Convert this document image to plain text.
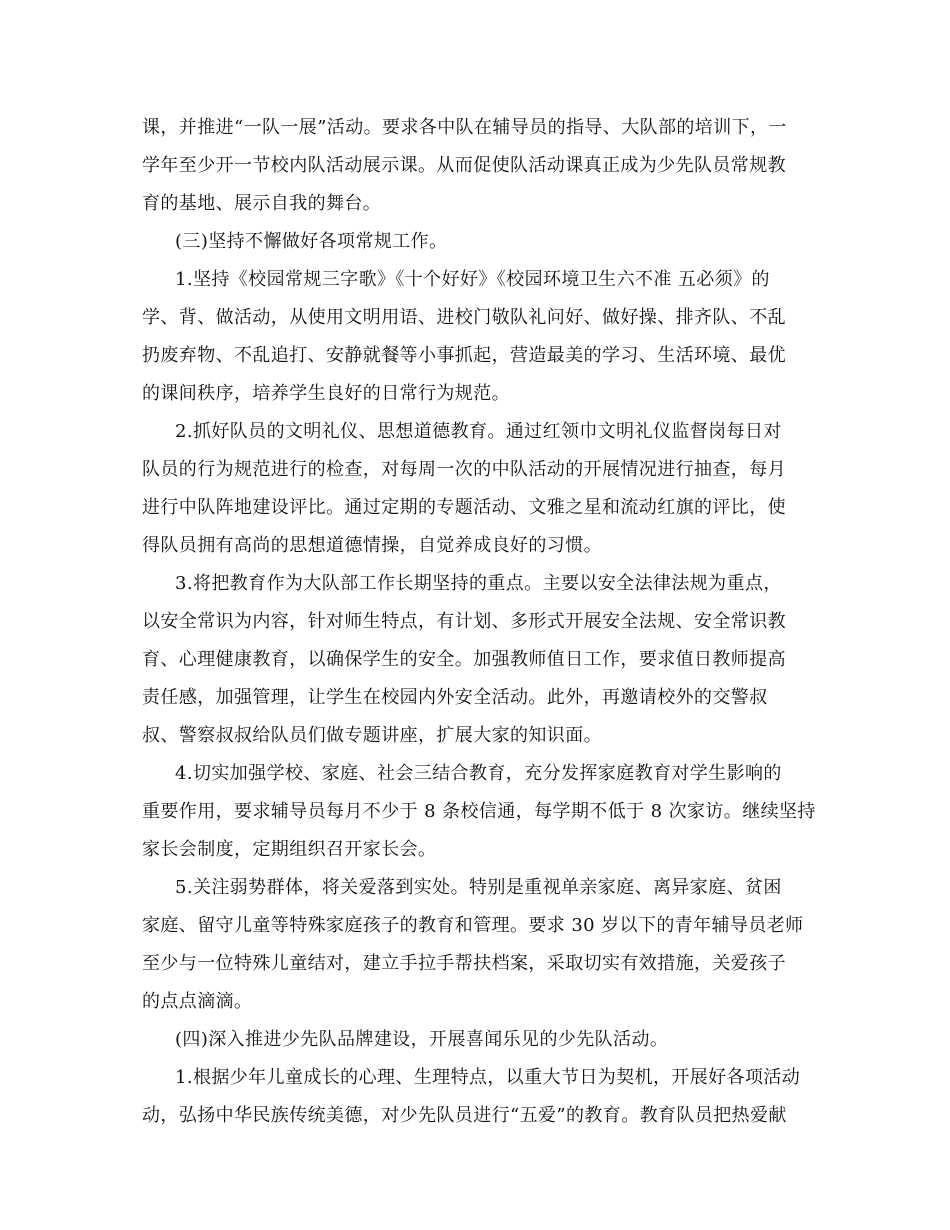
课，并推进“一队一展”活动。要求各中队在辅导员的指导、大队部的培训下，一
学年至少开一节校内队活动展示课。从而促使队活动课真正成为少先队员常规教
育的基地、展示自我的舞台。
(三)坚持不懈做好各项常规工作。
1.坚持《校园常规三字歌》《十个好好》《校园环境卫生六不准 五必须》的
学、背、做活动，从使用文明用语、进校门敬队礼问好、做好操、排齐队、不乱
扔废弃物、不乱追打、安静就餐等小事抓起，营造最美的学习、生活环境、最优
的课间秩序，培养学生良好的日常行为规范。
2.抓好队员的文明礼仪、思想道德教育。通过红领巾文明礼仪监督岗每日对
队员的行为规范进行的检查，对每周一次的中队活动的开展情况进行抽查，每月
进行中队阵地建设评比。通过定期的专题活动、文雅之星和流动红旗的评比，使
得队员拥有高尚的思想道德情操，自觉养成良好的习惯。
3.将把教育作为大队部工作长期坚持的重点。主要以安全法律法规为重点，
以安全常识为内容，针对师生特点，有计划、多形式开展安全法规、安全常识教
育、心理健康教育，以确保学生的安全。加强教师值日工作，要求值日教师提高
责任感，加强管理，让学生在校园内外安全活动。此外，再邀请校外的交警叔
叔、警察叔叔给队员们做专题讲座，扩展大家的知识面。
4.切实加强学校、家庭、社会三结合教育，充分发挥家庭教育对学生影响的
重要作用，要求辅导员每月不少于 8 条校信通，每学期不低于 8 次家访。继续坚持
家长会制度，定期组织召开家长会。
5.关注弱势群体，将关爱落到实处。特别是重视单亲家庭、离异家庭、贫困
家庭、留守儿童等特殊家庭孩子的教育和管理。要求 30 岁以下的青年辅导员老师
至少与一位特殊儿童结对，建立手拉手帮扶档案，采取切实有效措施，关爱孩子
的点点滴滴。
(四)深入推进少先队品牌建设，开展喜闻乐见的少先队活动。
1.根据少年儿童成长的心理、生理特点，以重大节日为契机，开展好各项活动
动，弘扬中华民族传统美德，对少先队员进行“五爱”的教育。教育队员把热爱献
